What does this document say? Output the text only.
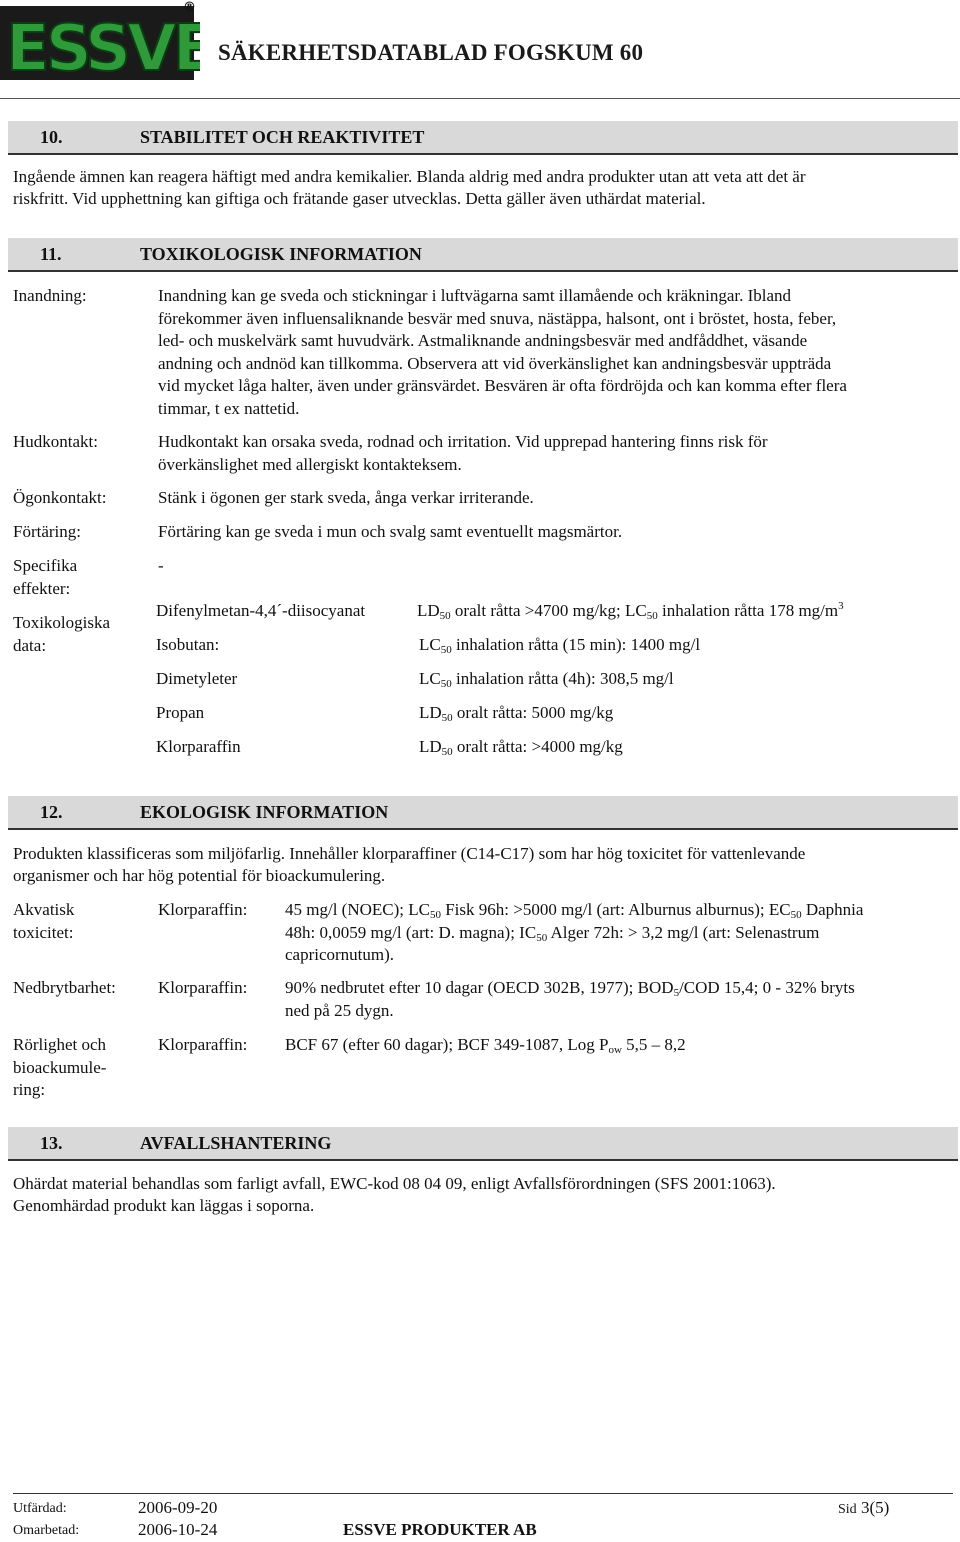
ESSVE
®
SÄKERHETSDATABLAD FOGSKUM 60
10.	STABILITET OCH REAKTIVITET
Ingående ämnen kan reagera häftigt med andra kemikalier. Blanda aldrig med andra produkter utan att veta att det är
riskfritt. Vid upphettning kan giftiga och frätande gaser utvecklas. Detta gäller även uthärdat material.
11.	TOXIKOLOGISK INFORMATION
Inandning:	Inandning kan ge sveda och stickningar i luftvägarna samt illamående och kräkningar. Ibland
förekommer även influensaliknande besvär med snuva, nästäppa, halsont, ont i bröstet, hosta, feber,
led- och muskelvärk samt huvudvärk. Astmaliknande andningsbesvär med andfåddhet, väsande
andning och andnöd kan tillkomma. Observera att vid överkänslighet kan andningsbesvär uppträda
vid mycket låga halter, även under gränsvärdet. Besvären är ofta fördröjda och kan komma efter flera
timmar, t ex nattetid.
Hudkontakt:	Hudkontakt kan orsaka sveda, rodnad och irritation. Vid upprepad hantering finns risk för
överkänslighet med allergiskt kontakteksem.
Ögonkontakt:	Stänk i ögonen ger stark sveda, ånga verkar irriterande.
Förtäring:	Förtäring kan ge sveda i mun och svalg samt eventuellt magsmärtor.
Specifika
effekter:
-
Toxikologiska
data:
Difenylmetan-4,4´-diisocyanat	$LD_{50}$ oralt råtta >4700 mg/kg; $LC_{50}$ inhalation råtta 178 $mg/m^3$
Isobutan:	$LC_{50}$ inhalation råtta (15 min): 1400 mg/l
Dimetyleter	$LC_{50}$ inhalation råtta (4h): 308,5 mg/l
Propan	$LD_{50}$ oralt råtta: 5000 mg/kg
Klorparaffin	$LD_{50}$ oralt råtta: >4000 mg/kg
12.	EKOLOGISK INFORMATION
Produkten klassificeras som miljöfarlig. Innehåller klorparaffiner (C14-C17) som har hög toxicitet för vattenlevande
organismer och har hög potential för bioackumulering.
Akvatisk
toxicitet:
Klorparaffin: 45 mg/l (NOEC); $LC_{50}$ Fisk 96h: >5000 mg/l (art: Alburnus alburnus); $EC_{50}$ Daphnia
48h: 0,0059 mg/l (art: D. magna); $IC_{50}$ Alger 72h: > 3,2 mg/l (art: Selenastrum
capricornutum).
Nedbrytbarhet: Klorparaffin: 90% nedbrutet efter 10 dagar (OECD 302B, 1977); $BOD_5$/COD 15,4; 0 - 32% bryts
ned på 25 dygn.
Rörlighet och
bioackumule-
ring:
Klorparaffin: BCF 67 (efter 60 dagar); BCF 349-1087, Log $P_{ow}$ 5,5 – 8,2
13.	AVFALLSHANTERING
Ohärdat material behandlas som farligt avfall, EWC-kod 08 04 09, enligt Avfallsförordningen (SFS 2001:1063).
Genomhärdad produkt kan läggas i soporna.
Utfärdad:	2006-09-20
Omarbetad:	2006-10-24	ESSVE PRODUKTER AB
Sid 3(5)
